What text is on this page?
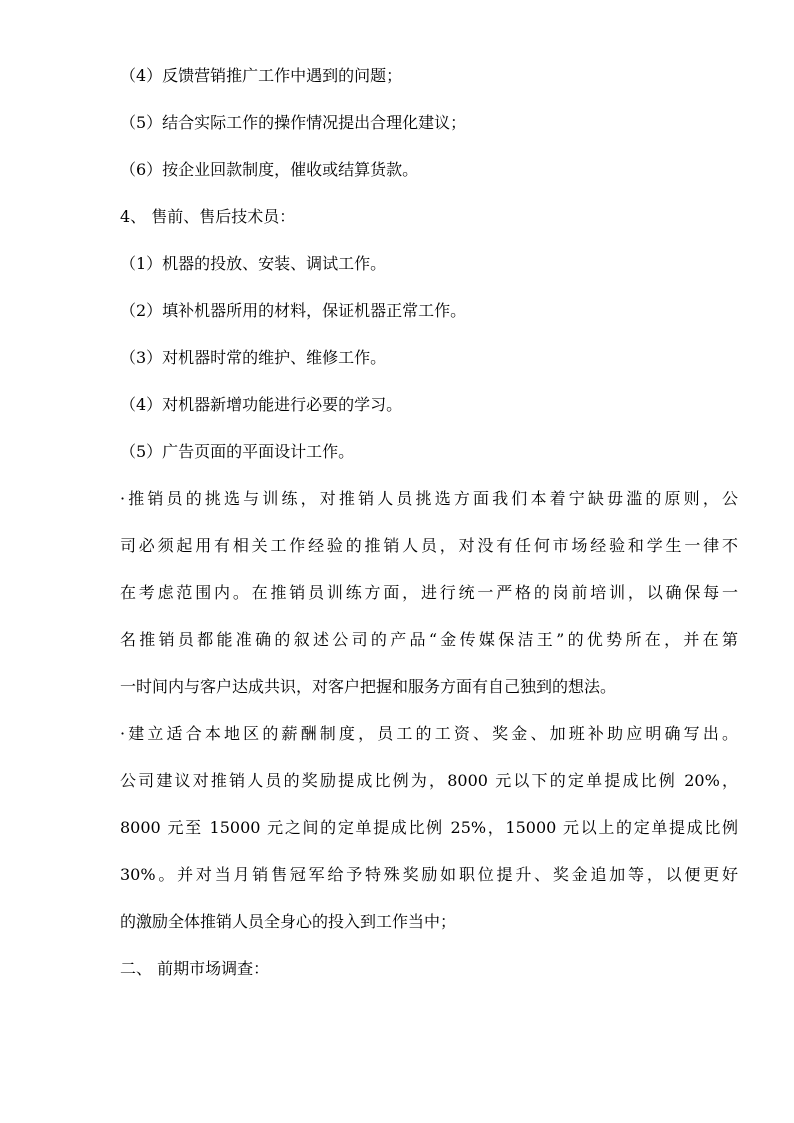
（4）反馈营销推广工作中遇到的问题；
（5）结合实际工作的操作情况提出合理化建议；
（6）按企业回款制度，催收或结算货款。
4、 售前、售后技术员：
（1）机器的投放、安装、调试工作。
（2）填补机器所用的材料，保证机器正常工作。
（3）对机器时常的维护、维修工作。
（4）对机器新增功能进行必要的学习。
（5）广告页面的平面设计工作。
·推销员的挑选与训练，对推销人员挑选方面我们本着宁缺毋滥的原则，公
司必须起用有相关工作经验的推销人员，对没有任何市场经验和学生一律不
在考虑范围内。在推销员训练方面，进行统一严格的岗前培训，以确保每一
名推销员都能准确的叙述公司的产品“金传媒保洁王”的优势所在，并在第
一时间内与客户达成共识，对客户把握和服务方面有自己独到的想法。
·建立适合本地区的薪酬制度，员工的工资、奖金、加班补助应明确写出。
公司建议对推销人员的奖励提成比例为，8000 元以下的定单提成比例 20%，
8000 元至 15000 元之间的定单提成比例 25%，15000 元以上的定单提成比例
30%。并对当月销售冠军给予特殊奖励如职位提升、奖金追加等，以便更好
的激励全体推销人员全身心的投入到工作当中；
二、 前期市场调查：
